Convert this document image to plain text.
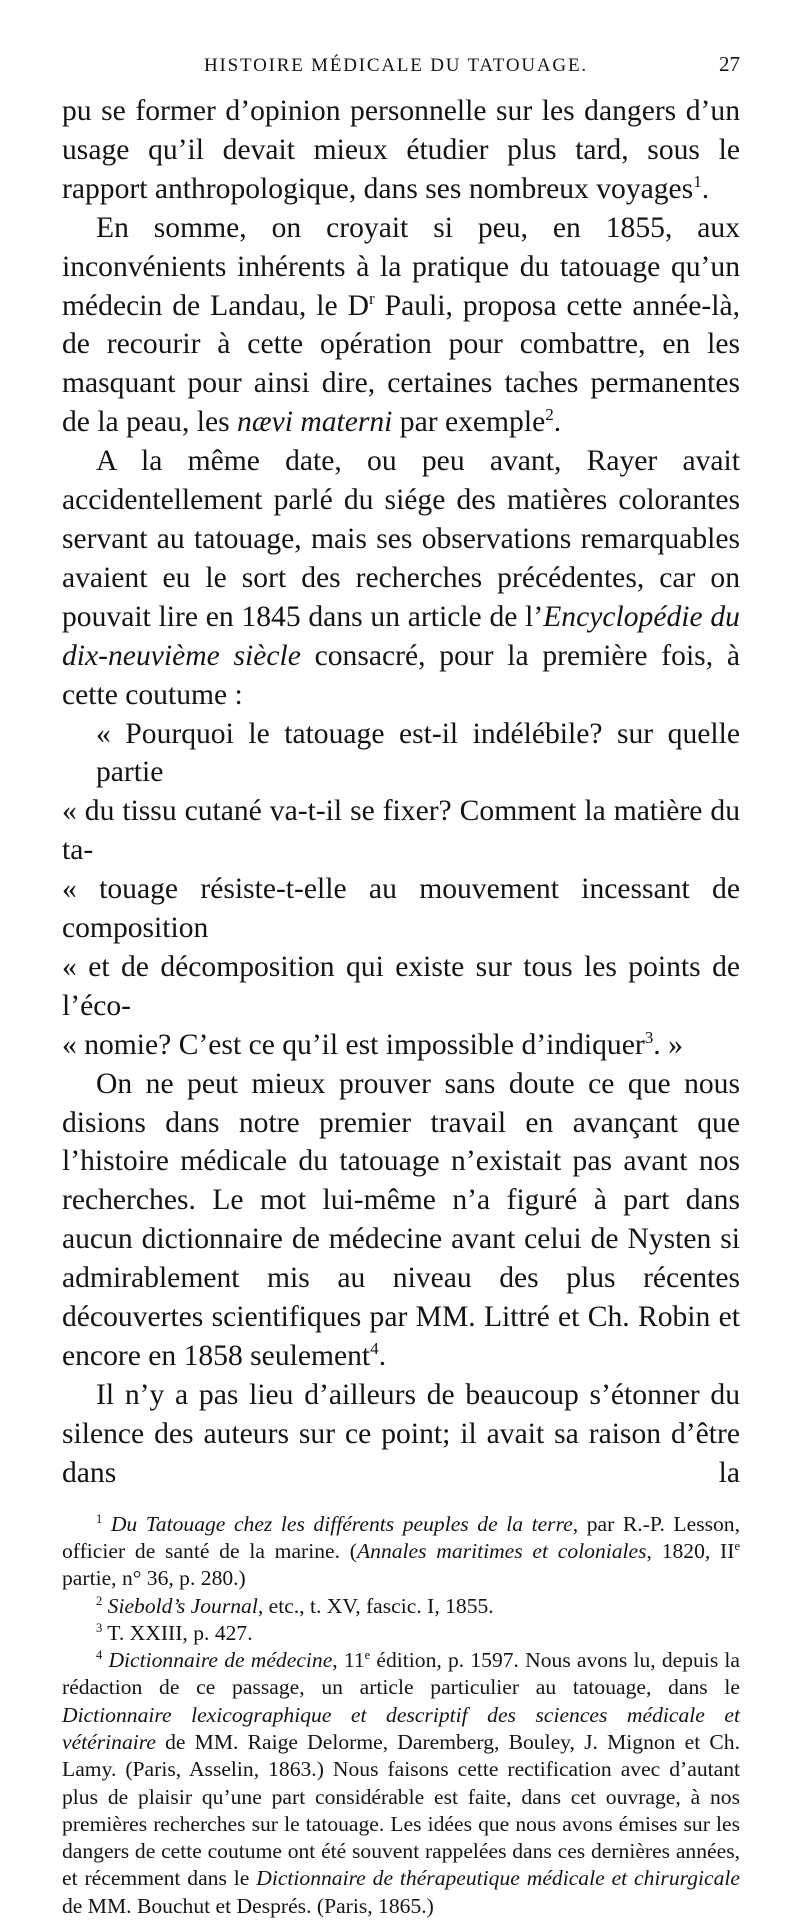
HISTOIRE MÉDICALE DU TATOUAGE.	27

pu se former d’opinion personnelle sur les dangers d’un usage qu’il devait mieux étudier plus tard, sous le rapport anthropologique, dans ses nombreux voyages$^1$.

En somme, on croyait si peu, en 1855, aux inconvénients inhérents à la pratique du tatouage qu’un médecin de Landau, le $D^r$ Pauli, proposa cette année-là, de recourir à cette opération pour combattre, en les masquant pour ainsi dire, certaines taches permanentes de la peau, les nævi materni par exemple$^2$.

A la même date, ou peu avant, Rayer avait accidentellement parlé du siége des matières colorantes servant au tatouage, mais ses observations remarquables avaient eu le sort des recherches précédentes, car on pouvait lire en 1845 dans un article de l’Encyclopédie du dix-neuvième siècle consacré, pour la première fois, à cette coutume :

« Pourquoi le tatouage est-il indélébile? sur quelle partie
« du tissu cutané va-t-il se fixer? Comment la matière du ta-
« touage résiste-t-elle au mouvement incessant de composition
« et de décomposition qui existe sur tous les points de l’éco-
« nomie? C’est ce qu’il est impossible d’indiquer$^3$. »

On ne peut mieux prouver sans doute ce que nous disions dans notre premier travail en avançant que l’histoire médicale du tatouage n’existait pas avant nos recherches. Le mot lui-même n’a figuré à part dans aucun dictionnaire de médecine avant celui de Nysten si admirablement mis au niveau des plus récentes découvertes scientifiques par MM. Littré et Ch. Robin et encore en 1858 seulement$^4$.

Il n’y a pas lieu d’ailleurs de beaucoup s’étonner du silence des auteurs sur ce point; il avait sa raison d’être dans la

$^1$ Du Tatouage chez les différents peuples de la terre, par R.-P. Lesson, officier de santé de la marine. (Annales maritimes et coloniales, 1820, IIe partie, n° 36, p. 280.)

$^2$ Siebold’s Journal, etc., t. XV, fascic. I, 1855.

$^3$ T. XXIII, p. 427.

$^4$ Dictionnaire de médecine, 11e édition, p. 1597. Nous avons lu, depuis la rédaction de ce passage, un article particulier au tatouage, dans le Dictionnaire lexicographique et descriptif des sciences médicale et vétérinaire de MM. Raige Delorme, Daremberg, Bouley, J. Mignon et Ch. Lamy. (Paris, Asselin, 1863.) Nous faisons cette rectification avec d’autant plus de plaisir qu’une part considérable est faite, dans cet ouvrage, à nos premières recherches sur le tatouage. Les idées que nous avons émises sur les dangers de cette coutume ont été souvent rappelées dans ces dernières années, et récemment dans le Dictionnaire de thérapeutique médicale et chirurgicale de MM. Bouchut et Després. (Paris, 1865.)
